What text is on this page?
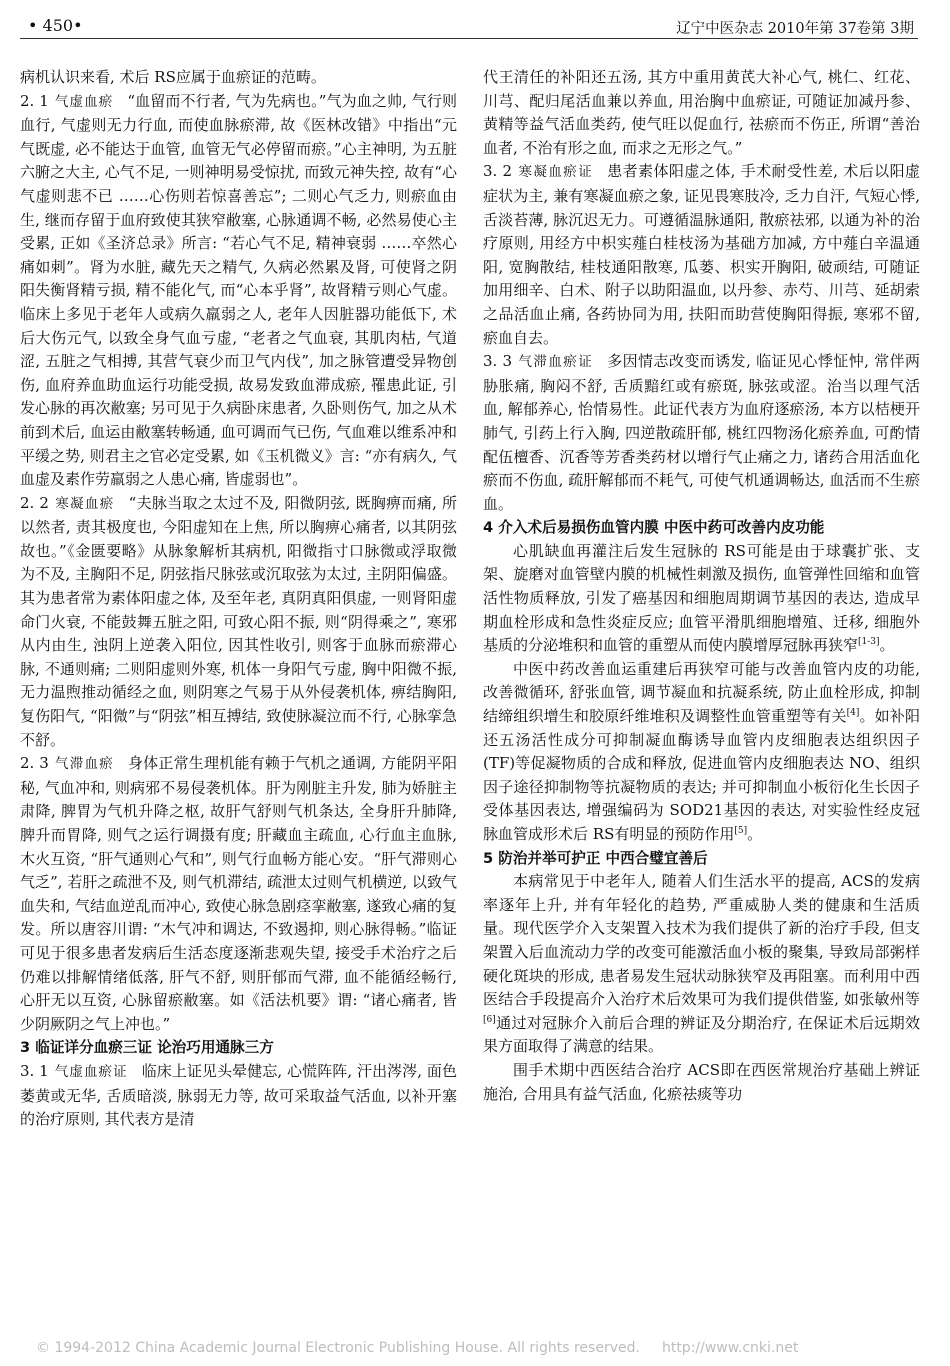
• 450•	辽宁中医杂志 2010年第 37卷第 3期

病机认识来看, 术后 RS应属于血瘀证的范畴。

2. 1 气虚血瘀 “血留而不行者, 气为先病也。”气为血之帅, 气行则血行, 气虚则无力行血, 而使血脉瘀滞, 故《医林改错》中指出“元气既虚, 必不能达于血管, 血管无气必停留而瘀。”心主神明, 为五脏六腑之大主, 心气不足, 一则神明易受惊扰, 而致元神失控, 故有“心气虚则悲不已 ……心伤则若惊喜善忘”; 二则心气乏力, 则瘀血由生, 继而存留于血府致使其狭窄敝塞, 心脉通调不畅, 必然易使心主受累, 正如《圣济总录》所言: “若心气不足, 精神衰弱 ……卒然心痛如刺”。肾为水脏, 藏先天之精气, 久病必然累及肾, 可使肾之阴阳失衡肾精亏损, 精不能化气, 而“心本乎肾”, 故肾精亏则心气虚。临床上多见于老年人或病久羸弱之人, 老年人因脏器功能低下, 术后大伤元气, 以致全身气血亏虚, “老者之气血衰, 其肌肉枯, 气道涩, 五脏之气相搏, 其营气衰少而卫气内伐”, 加之脉管遭受异物创伤, 血府养血助血运行功能受损, 故易发致血滞成瘀, 罹患此证, 引发心脉的再次敝塞; 另可见于久病卧床患者, 久卧则伤气, 加之从术前到术后, 血运由敝塞转畅通, 血可调而气已伤, 气血难以维系冲和平缓之势, 则君主之官必定受累, 如《玉机微义》言: “亦有病久, 气血虚及素作劳羸弱之人患心痛, 皆虚弱也”。

2. 2 寒凝血瘀 “夫脉当取之太过不及, 阳微阴弦, 既胸痹而痛, 所以然者, 责其极度也, 今阳虚知在上焦, 所以胸痹心痛者, 以其阴弦故也。”《金匮要略》从脉象解析其病机, 阳微指寸口脉微或浮取微为不及, 主胸阳不足, 阴弦指尺脉弦或沉取弦为太过, 主阴阳偏盛。其为患者常为素体阳虚之体, 及至年老, 真阴真阳俱虚, 一则肾阳虚命门火衰, 不能鼓舞五脏之阳, 可致心阳不振, 则“阴得乘之”, 寒邪从内由生, 浊阴上逆袭入阳位, 因其性收引, 则客于血脉而瘀滞心脉, 不通则痛; 二则阳虚则外寒, 机体一身阳气亏虚, 胸中阳微不振, 无力温煦推动循经之血, 则阴寒之气易于从外侵袭机体, 痹结胸阳, 复伤阳气, “阳微”与“阴弦”相互搏结, 致使脉凝泣而不行, 心脉挛急不舒。

2. 3 气滞血瘀 身体正常生理机能有赖于气机之通调, 方能阴平阳秘, 气血冲和, 则病邪不易侵袭机体。肝为刚脏主升发, 肺为娇脏主肃降, 脾胃为气机升降之枢, 故肝气舒则气机条达, 全身肝升肺降, 脾升而胃降, 则气之运行调摄有度; 肝藏血主疏血, 心行血主血脉, 木火互资, “肝气通则心气和”, 则气行血畅方能心安。“肝气滞则心气乏”, 若肝之疏泄不及, 则气机滞结, 疏泄太过则气机横逆, 以致气血失和, 气结血逆乱而冲心, 致使心脉急剧痉挛敝塞, 遂致心痛的复发。所以唐容川谓: “木气冲和调达, 不致遏抑, 则心脉得畅。”临证可见于很多患者发病后生活态度逐渐悲观失望, 接受手术治疗之后仍难以排解情绪低落, 肝气不舒, 则肝郁而气滞, 血不能循经畅行, 心肝无以互资, 心脉留瘀敝塞。如《活法机要》谓: “诸心痛者, 皆少阴厥阴之气上冲也。”

3 临证详分血瘀三证 论治巧用通脉三方

3. 1 气虚血瘀证 临床上证见头晕健忘, 心慌阵阵, 汗出涔涔, 面色萎黄或无华, 舌质暗淡, 脉弱无力等, 故可采取益气活血, 以补开塞的治疗原则, 其代表方是清

代王清任的补阳还五汤, 其方中重用黄芪大补心气, 桃仁、红花、川芎、配归尾活血兼以养血, 用治胸中血瘀证, 可随证加减丹参、黄精等益气活血类药, 使气旺以促血行, 祛瘀而不伤正, 所谓“善治血者, 不治有形之血, 而求之无形之气。”

3. 2 寒凝血瘀证 患者素体阳虚之体, 手术耐受性差, 术后以阳虚症状为主, 兼有寒凝血瘀之象, 证见畏寒肢冷, 乏力自汗, 气短心悸, 舌淡苔薄, 脉沉迟无力。可遵循温脉通阳, 散瘀祛邪, 以通为补的治疗原则, 用经方中枳实薤白桂枝汤为基础方加减, 方中薤白辛温通阳, 宽胸散结, 桂枝通阳散寒, 瓜蒌、枳实开胸阳, 破顽结, 可随证加用细辛、白术、附子以助阳温血, 以丹参、赤芍、川芎、延胡索之品活血止痛, 各药协同为用, 扶阳而助营使胸阳得振, 寒邪不留, 瘀血自去。

3. 3 气滞血瘀证 多因情志改变而诱发, 临证见心悸怔忡, 常伴两胁胀痛, 胸闷不舒, 舌质黯红或有瘀斑, 脉弦或涩。治当以理气活血, 解郁养心, 怡情易性。此证代表方为血府逐瘀汤, 本方以桔梗开肺气, 引药上行入胸, 四逆散疏肝郁, 桃红四物汤化瘀养血, 可酌情配伍檀香、沉香等芳香类药材以增行气止痛之力, 诸药合用活血化瘀而不伤血, 疏肝解郁而不耗气, 可使气机通调畅达, 血活而不生瘀血。

4 介入术后易损伤血管内膜 中医中药可改善内皮功能

心肌缺血再灌注后发生冠脉的 RS可能是由于球囊扩张、支架、旋磨对血管壁内膜的机械性刺激及损伤, 血管弹性回缩和血管活性物质释放, 引发了癌基因和细胞周期调节基因的表达, 造成早期血栓形成和急性炎症反应; 血管平滑肌细胞增殖、迁移, 细胞外基质的分泌堆积和血管的重塑从而使内膜增厚冠脉再狭窄[1-3]。

中医中药改善血运重建后再狭窄可能与改善血管内皮的功能, 改善微循环, 舒张血管, 调节凝血和抗凝系统, 防止血栓形成, 抑制结缔组织增生和胶原纤维堆积及调整性血管重塑等有关[4]。如补阳还五汤活性成分可抑制凝血酶诱导血管内皮细胞表达组织因子(TF)等促凝物质的合成和释放, 促进血管内皮细胞表达 NO、组织因子途径抑制物等抗凝物质的表达; 并可抑制血小板衍化生长因子受体基因表达, 增强编码为 SOD21基因的表达, 对实验性经皮冠脉血管成形术后 RS有明显的预防作用[5]。

5 防治并举可护正 中西合璧宜善后

本病常见于中老年人, 随着人们生活水平的提高, ACS的发病率逐年上升, 并有年轻化的趋势, 严重威胁人类的健康和生活质量。现代医学介入支架置入技术为我们提供了新的治疗手段, 但支架置入后血流动力学的改变可能激活血小板的聚集, 导致局部粥样硬化斑块的形成, 患者易发生冠状动脉狭窄及再阻塞。而利用中西医结合手段提高介入治疗术后效果可为我们提供借鉴, 如张敏州等[6]通过对冠脉介入前后合理的辨证及分期治疗, 在保证术后远期效果方面取得了满意的结果。

围手术期中西医结合治疗 ACS即在西医常规治疗基础上辨证施治, 合用具有益气活血, 化瘀祛痰等功

© 1994-2012 China Academic Journal Electronic Publishing House. All rights reserved. http://www.cnki.net
